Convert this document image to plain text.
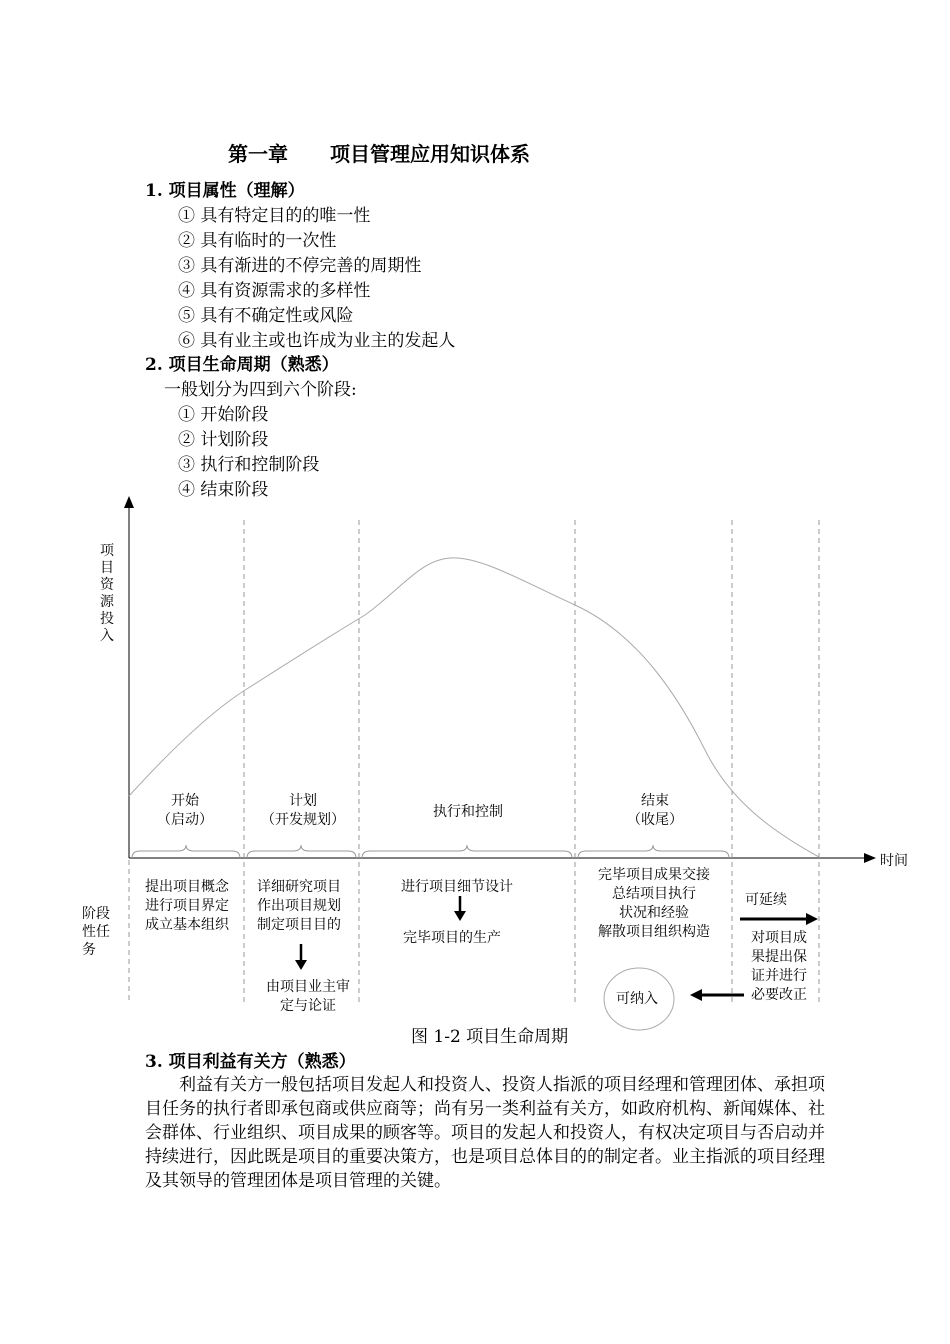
第一章 项目管理应用知识体系
1. 项目属性（理解）
① 具有特定目的的唯一性
② 具有临时的一次性
③ 具有渐进的不停完善的周期性
④ 具有资源需求的多样性
⑤ 具有不确定性或风险
⑥ 具有业主或也许成为业主的发起人
2. 项目生命周期（熟悉）
一般划分为四到六个阶段:
① 开始阶段
② 计划阶段
③ 执行和控制阶段
④ 结束阶段
项目资源投入
时间
阶段性任务
开始
（启动）
计划
（开发规划）	执行和控制
结束
（收尾）
提出项目概念
进行项目界定
成立基本组织
详细研究项目
作出项目规划
制定项目目的
由项目业主审
定与论证
进行项目细节设计
完毕项目的生产
完毕项目成果交接
总结项目执行
状况和经验
解散项目组织构造
可延续
对项目成
果提出保
证并进行
必要改正
可纳入
图 1-2 项目生命周期
3. 项目利益有关方（熟悉）
利益有关方一般包括项目发起人和投资人、投资人指派的项目经理和管理团体、承担项目任务的执行者即承包商或供应商等；尚有另一类利益有关方，如政府机构、新闻媒体、社会群体、行业组织、项目成果的顾客等。项目的发起人和投资人，有权决定项目与否启动并持续进行，因此既是项目的重要决策方，也是项目总体目的的制定者。业主指派的项目经理及其领导的管理团体是项目管理的关键。
